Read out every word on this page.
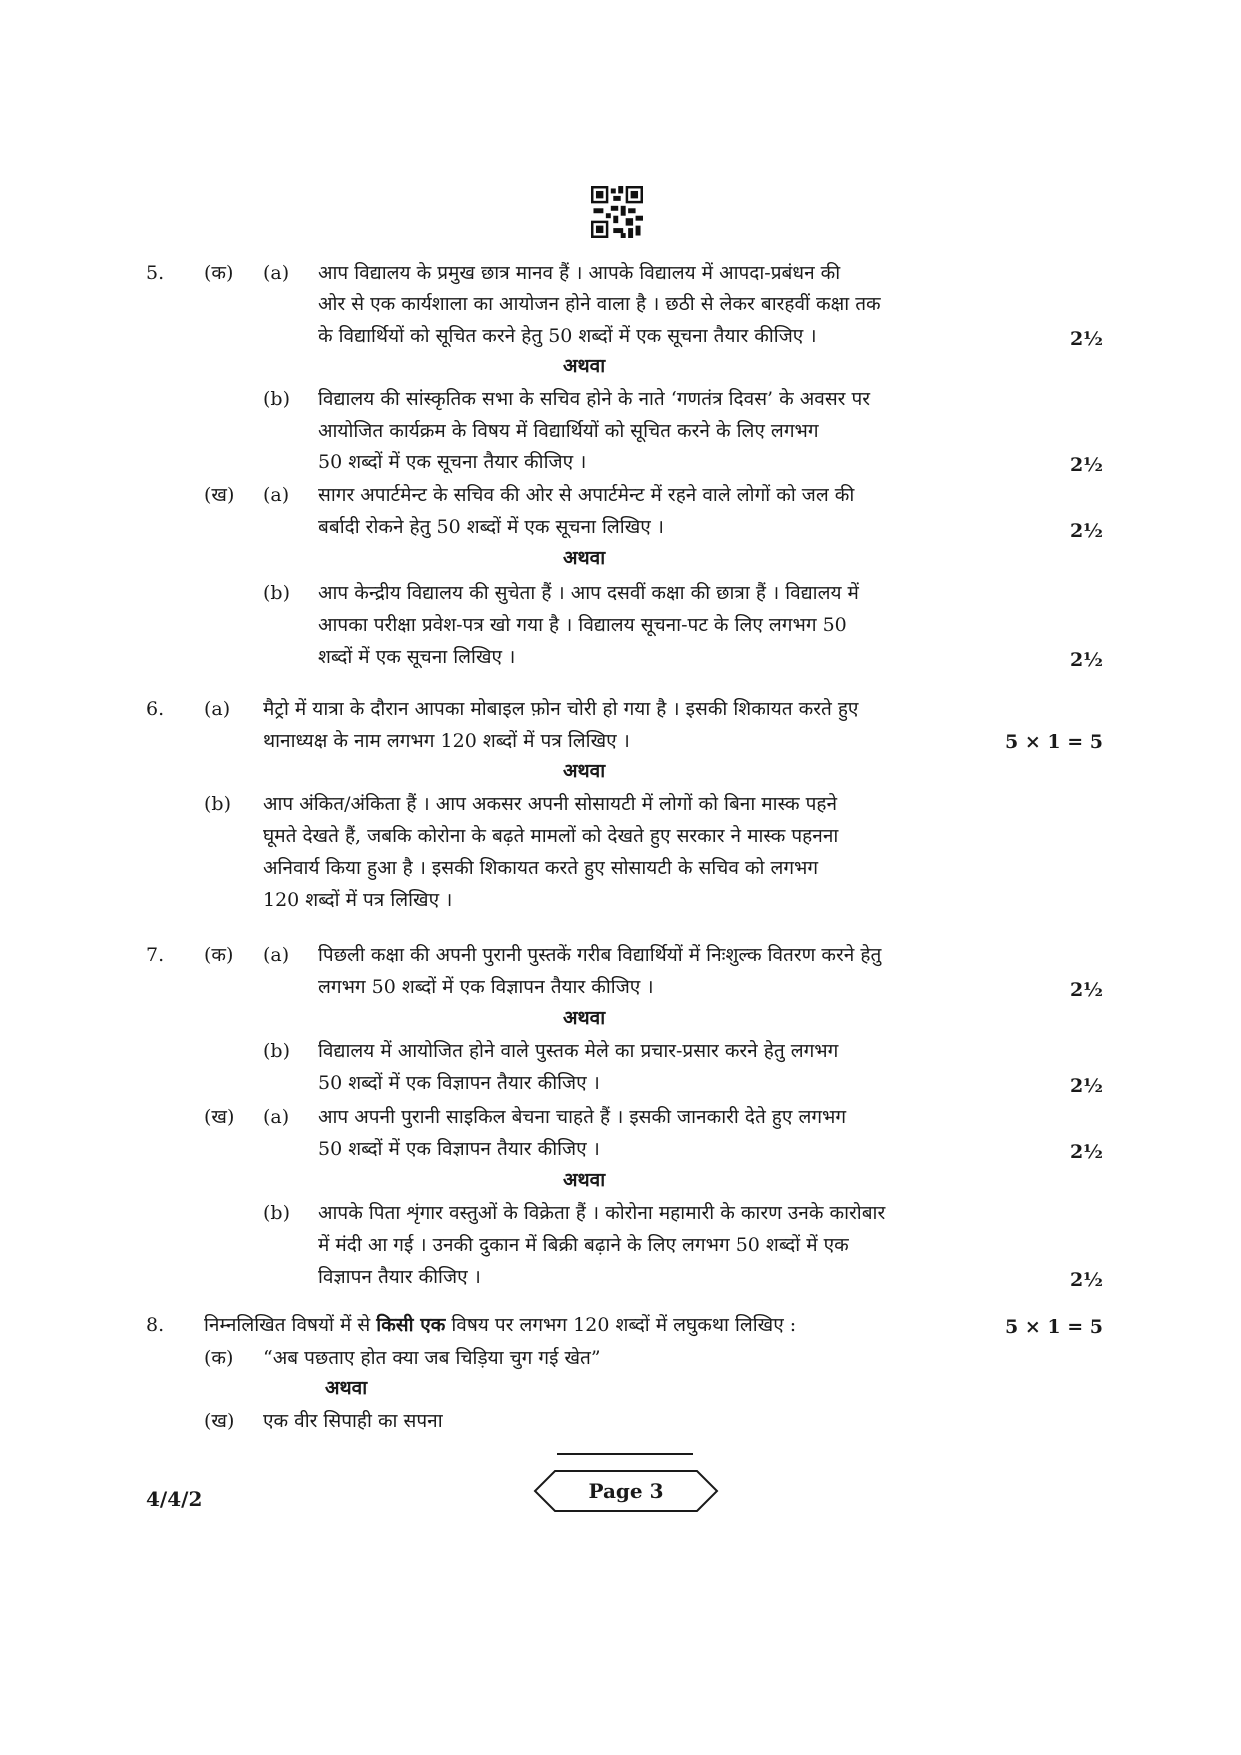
5. (क) (a) आप विद्यालय के प्रमुख छात्र मानव हैं । आपके विद्यालय में आपदा-प्रबंधन की
ओर से एक कार्यशाला का आयोजन होने वाला है । छठी से लेकर बारहवीं कक्षा तक
के विद्यार्थियों को सूचित करने हेतु 50 शब्दों में एक सूचना तैयार कीजिए ।	2½
अथवा
(b) विद्यालय की सांस्कृतिक सभा के सचिव होने के नाते ‘गणतंत्र दिवस’ के अवसर पर
आयोजित कार्यक्रम के विषय में विद्यार्थियों को सूचित करने के लिए लगभग
50 शब्दों में एक सूचना तैयार कीजिए ।	2½
(ख) (a) सागर अपार्टमेन्ट के सचिव की ओर से अपार्टमेन्ट में रहने वाले लोगों को जल की
बर्बादी रोकने हेतु 50 शब्दों में एक सूचना लिखिए ।	2½
अथवा
(b) आप केन्द्रीय विद्यालय की सुचेता हैं । आप दसवीं कक्षा की छात्रा हैं । विद्यालय में
आपका परीक्षा प्रवेश-पत्र खो गया है । विद्यालय सूचना-पट के लिए लगभग 50
शब्दों में एक सूचना लिखिए ।	2½
6. (a) मैट्रो में यात्रा के दौरान आपका मोबाइल फ़ोन चोरी हो गया है । इसकी शिकायत करते हुए
थानाध्यक्ष के नाम लगभग 120 शब्दों में पत्र लिखिए ।	5 × 1 = 5
अथवा
(b) आप अंकित/अंकिता हैं । आप अकसर अपनी सोसायटी में लोगों को बिना मास्क पहने
घूमते देखते हैं, जबकि कोरोना के बढ़ते मामलों को देखते हुए सरकार ने मास्क पहनना
अनिवार्य किया हुआ है । इसकी शिकायत करते हुए सोसायटी के सचिव को लगभग
120 शब्दों में पत्र लिखिए ।
7. (क) (a) पिछली कक्षा की अपनी पुरानी पुस्तकें गरीब विद्यार्थियों में निःशुल्क वितरण करने हेतु
लगभग 50 शब्दों में एक विज्ञापन तैयार कीजिए ।	2½
अथवा
(b) विद्यालय में आयोजित होने वाले पुस्तक मेले का प्रचार-प्रसार करने हेतु लगभग
50 शब्दों में एक विज्ञापन तैयार कीजिए ।	2½
(ख) (a) आप अपनी पुरानी साइकिल बेचना चाहते हैं । इसकी जानकारी देते हुए लगभग
50 शब्दों में एक विज्ञापन तैयार कीजिए ।	2½
अथवा
(b) आपके पिता शृंगार वस्तुओं के विक्रेता हैं । कोरोना महामारी के कारण उनके कारोबार
में मंदी आ गई । उनकी दुकान में बिक्री बढ़ाने के लिए लगभग 50 शब्दों में एक
विज्ञापन तैयार कीजिए ।	2½
8. निम्नलिखित विषयों में से किसी एक विषय पर लगभग 120 शब्दों में लघुकथा लिखिए :	5 × 1 = 5
(क) “अब पछताए होत क्या जब चिड़िया चुग गई खेत”
अथवा
(ख) एक वीर सिपाही का सपना
4/4/2	Page 3
